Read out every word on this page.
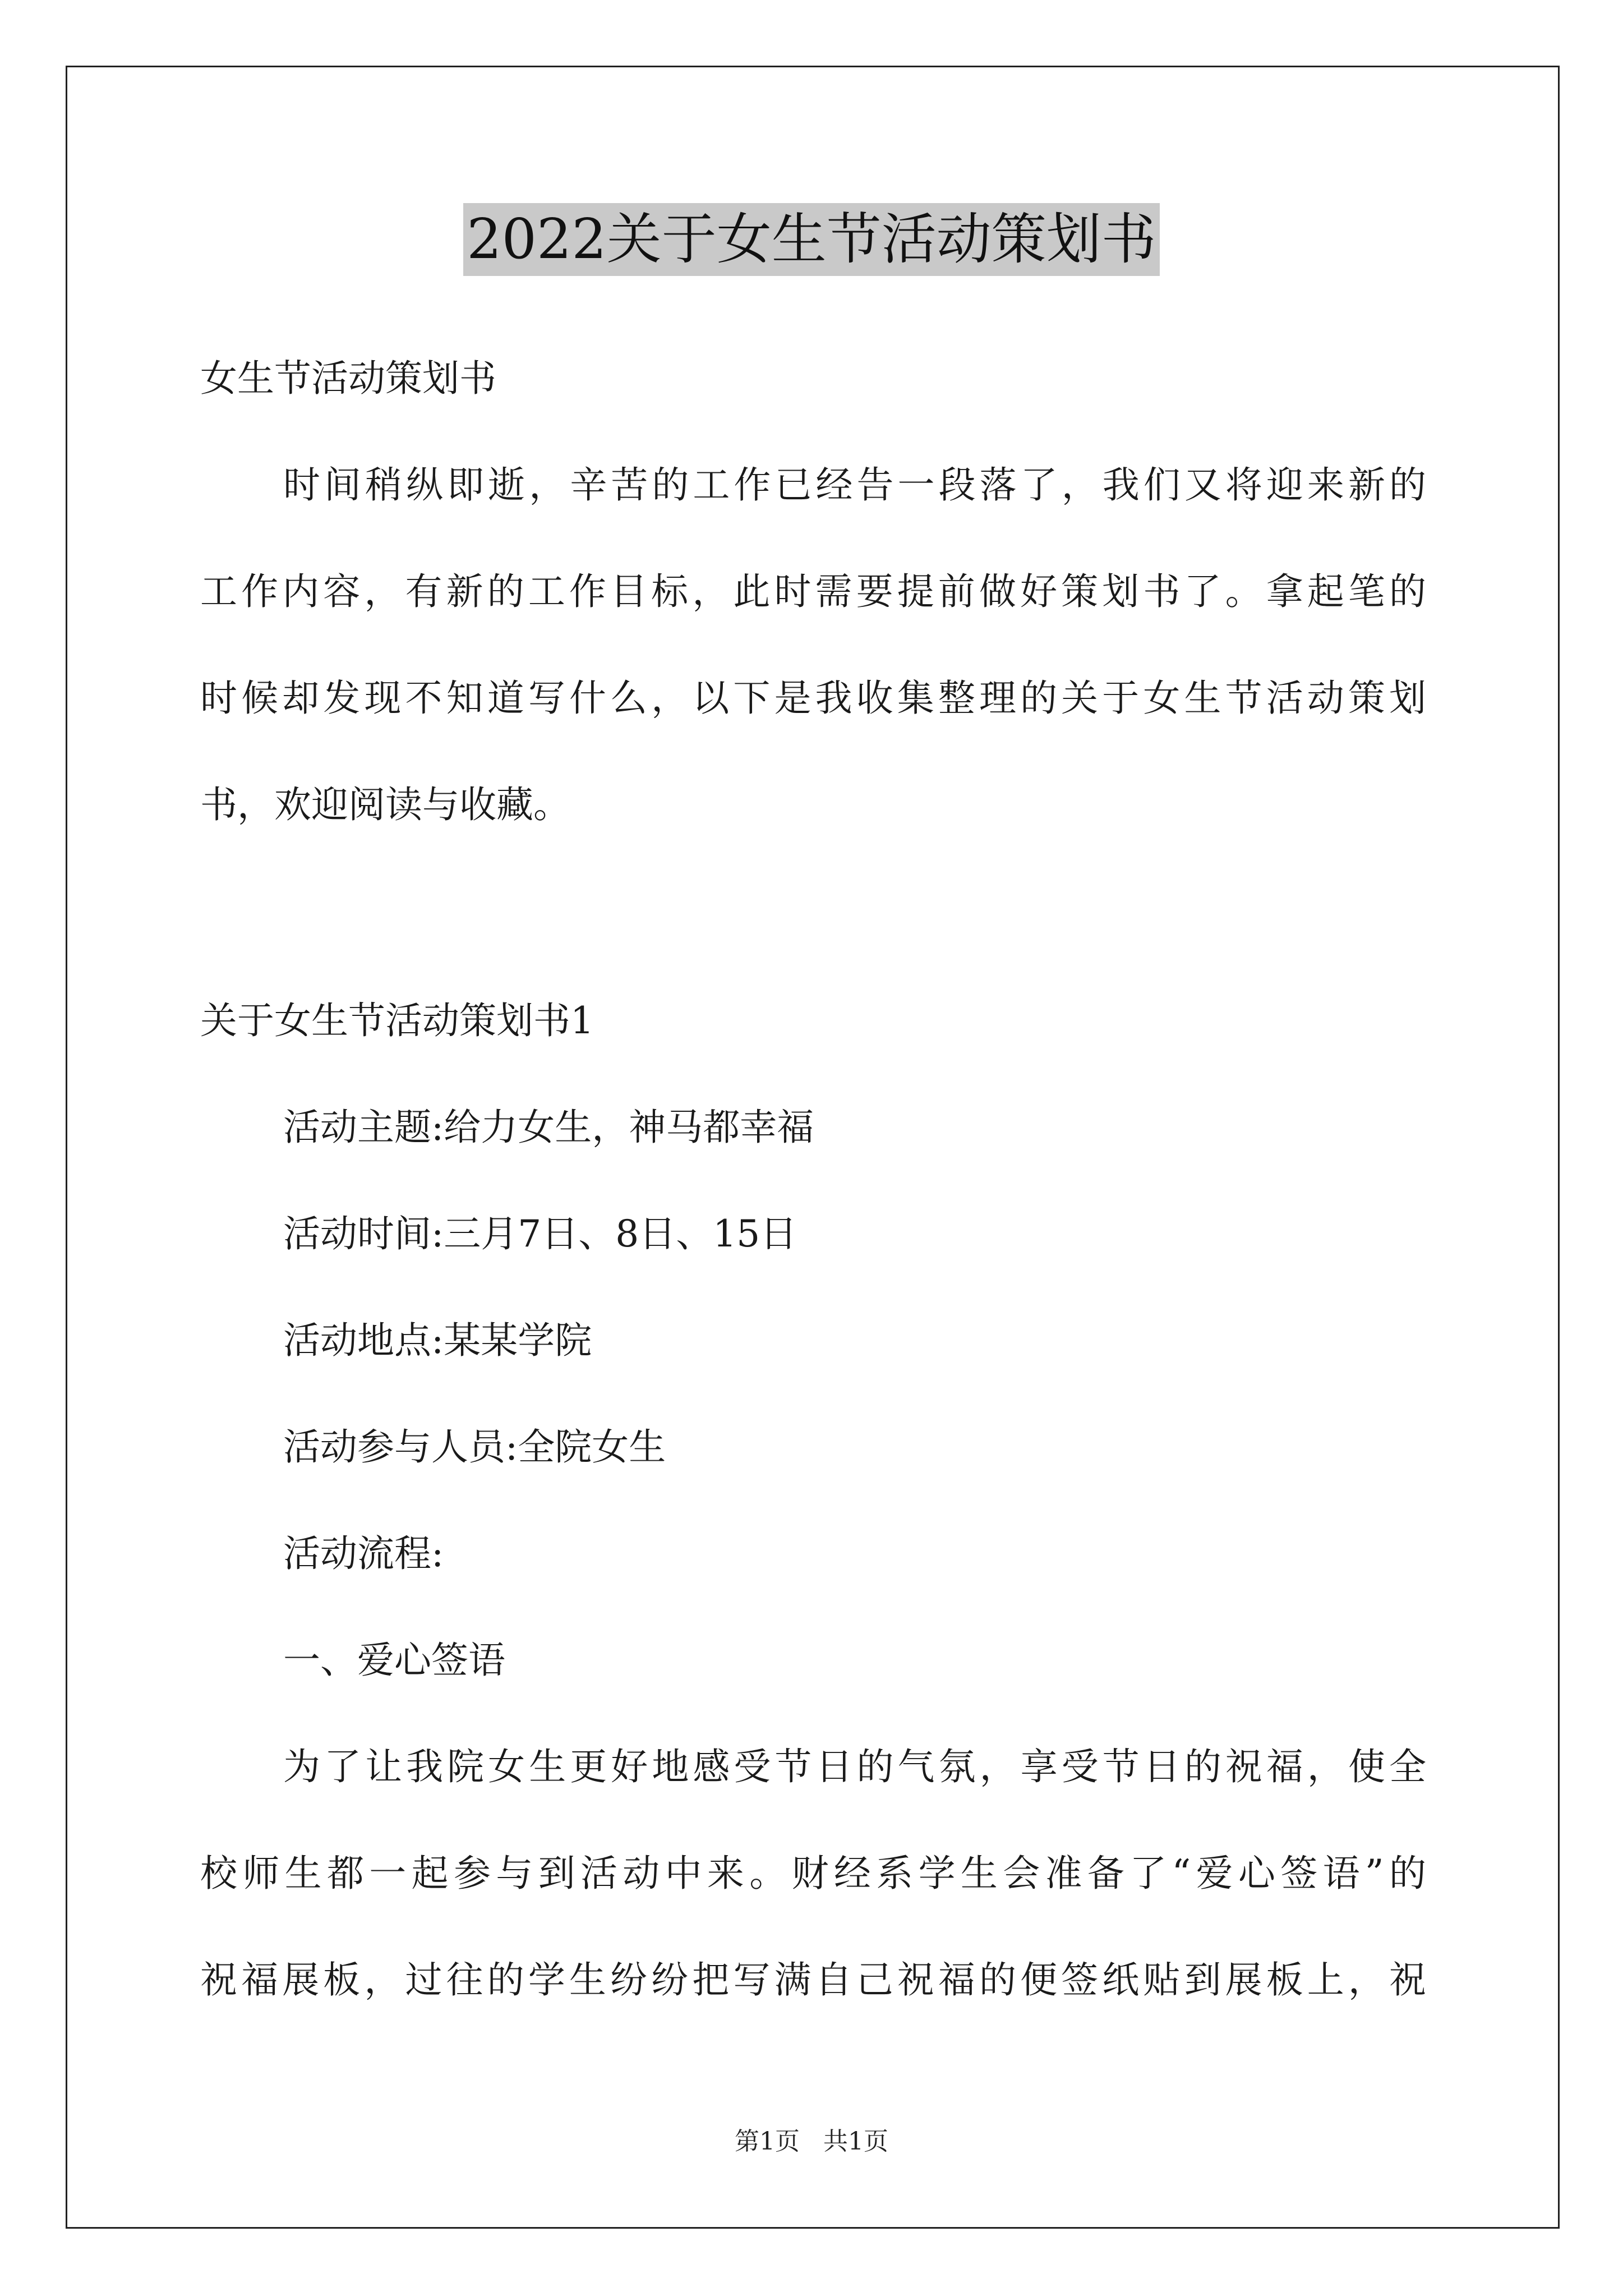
2022关于女生节活动策划书
女生节活动策划书
时间稍纵即逝，辛苦的工作已经告一段落了，我们又将迎来新的
工作内容，有新的工作目标，此时需要提前做好策划书了。拿起笔的
时候却发现不知道写什么，以下是我收集整理的关于女生节活动策划
书，欢迎阅读与收藏。
关于女生节活动策划书1
活动主题:给力女生，神马都幸福
活动时间:三月7日、8日、15日
活动地点:某某学院
活动参与人员:全院女生
活动流程:
一、爱心签语
为了让我院女生更好地感受节日的气氛，享受节日的祝福，使全
校师生都一起参与到活动中来。财经系学生会准备了“爱心签语”的
祝福展板，过往的学生纷纷把写满自己祝福的便签纸贴到展板上，祝
第1页 共1页
